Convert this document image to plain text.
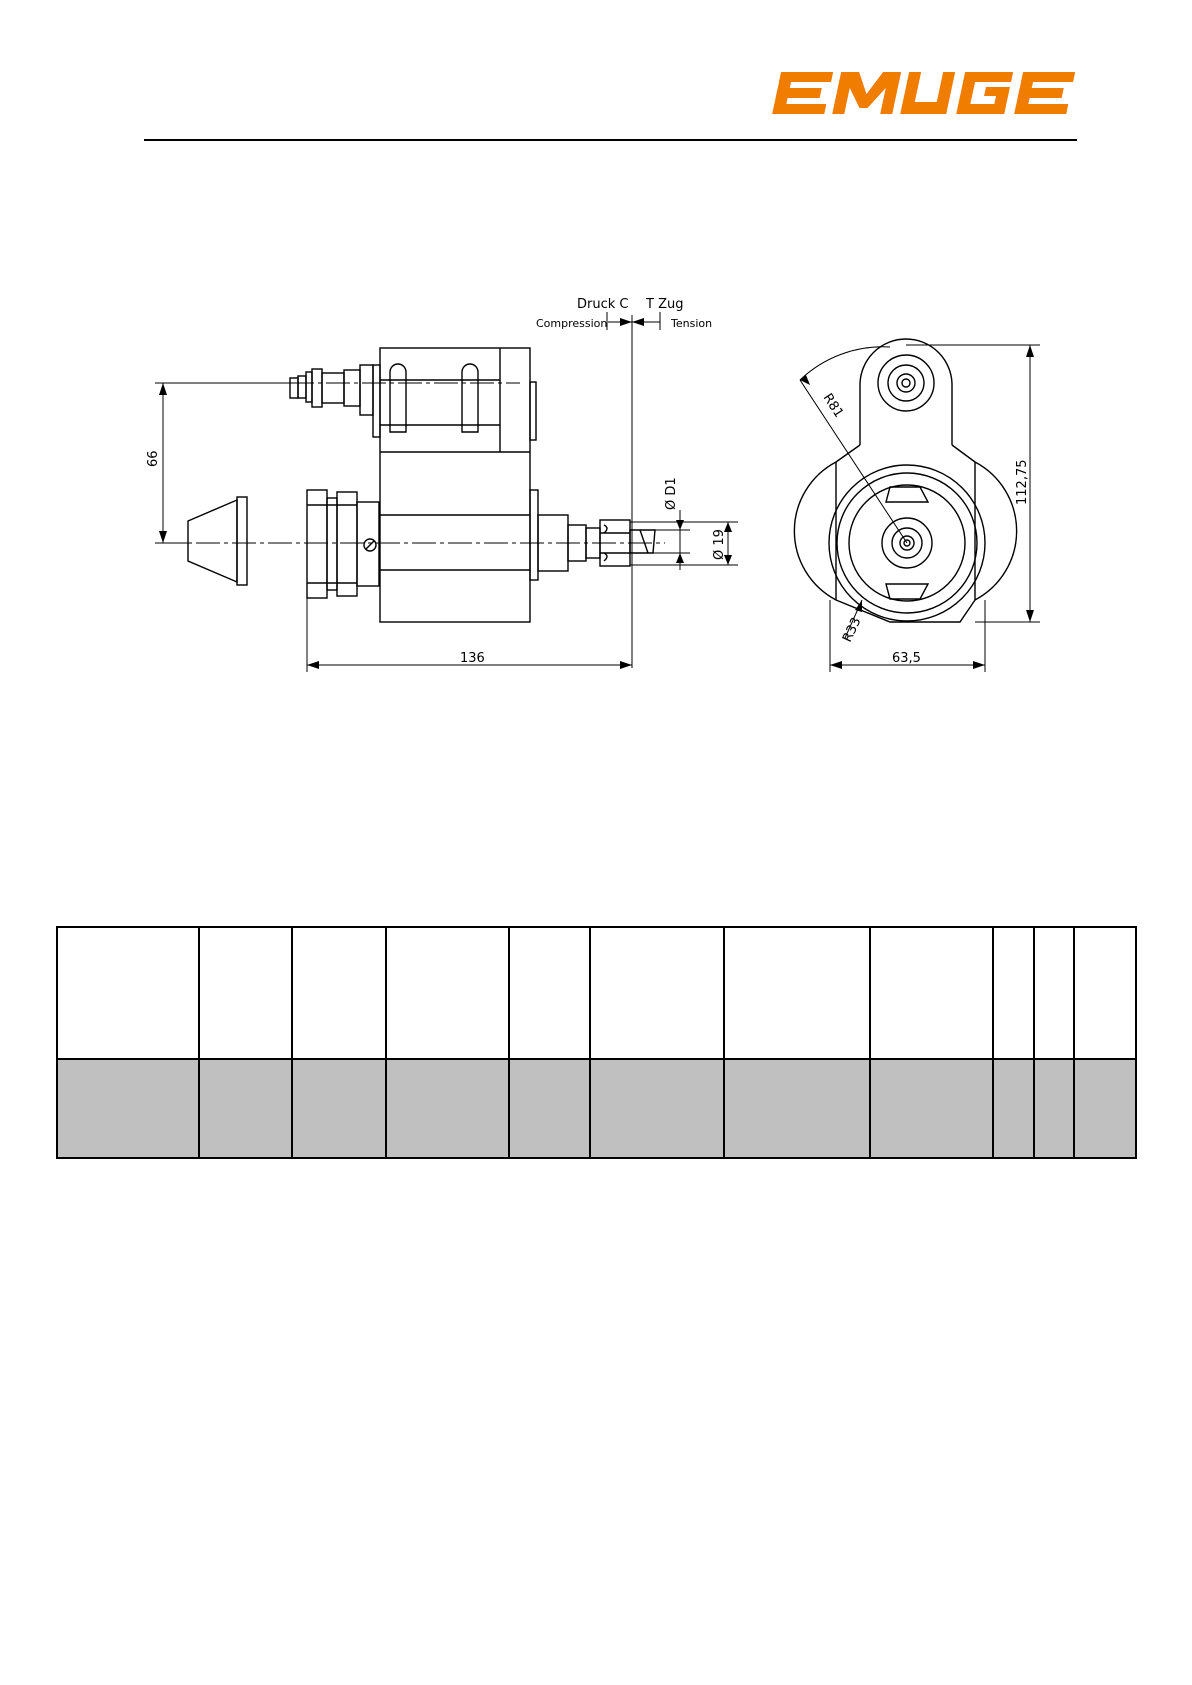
Druck C T Zug
Compression	Tension
66
136
Ø D1
Ø 19
R81
R33
112,75
63,5
